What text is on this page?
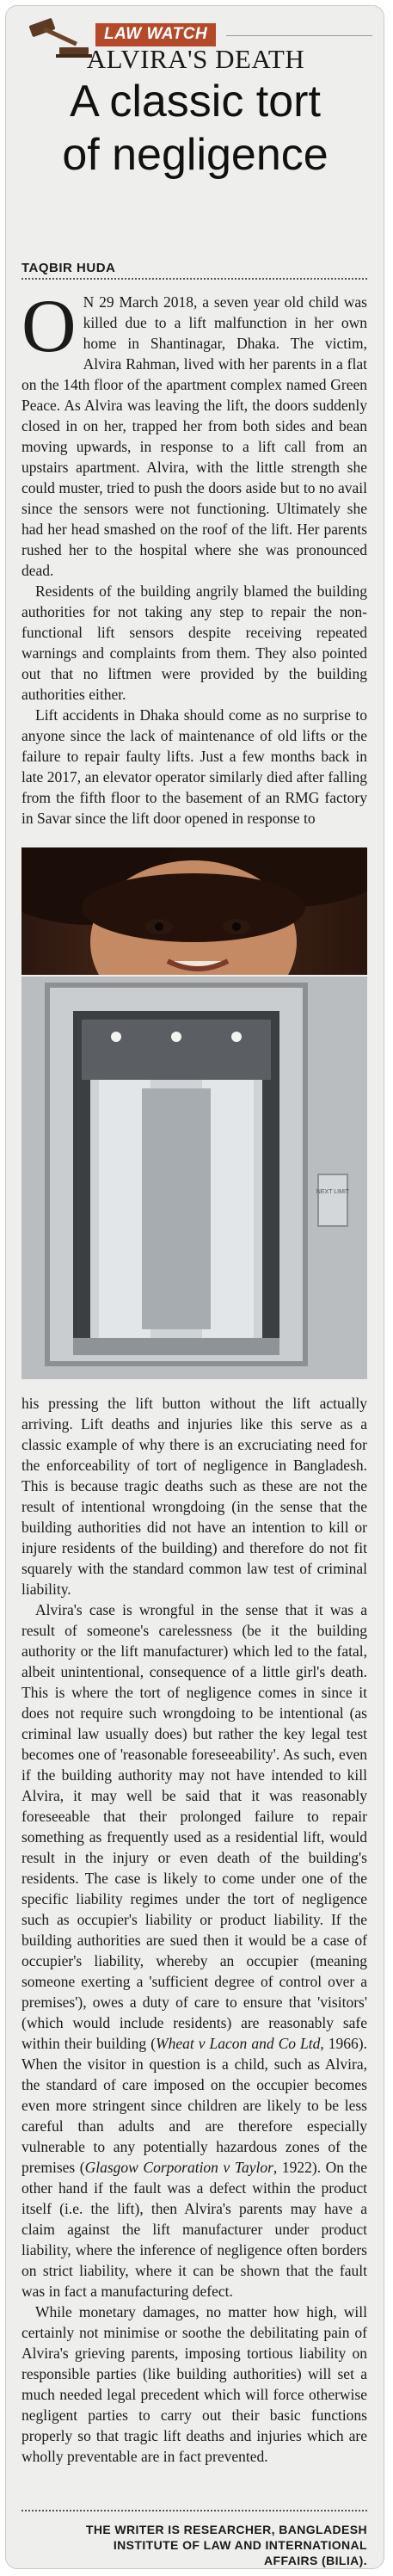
LAW WATCH
ALVIRA'S DEATH
A classic tort
of negligence
TAQBIR HUDA

O N 29 March 2018, a seven year old child was killed due to a lift malfunction in her own home in Shantinagar, Dhaka. The victim, Alvira Rahman, lived with her parents in a flat on the 14th floor of the apartment complex named Green Peace. As Alvira was leaving the lift, the doors suddenly closed in on her, trapped her from both sides and bean moving upwards, in response to a lift call from an upstairs apartment. Alvira, with the little strength she could muster, tried to push the doors aside but to no avail since the sensors were not functioning. Ultimately she had her head smashed on the roof of the lift. Her parents rushed her to the hospital where she was pronounced dead.

Residents of the building angrily blamed the building authorities for not taking any step to repair the non-functional lift sensors despite receiving repeated warnings and complaints from them. They also pointed out that no liftmen were provided by the building authorities either.

Lift accidents in Dhaka should come as no surprise to anyone since the lack of maintenance of old lifts or the failure to repair faulty lifts. Just a few months back in late 2017, an elevator operator similarly died after falling from the fifth floor to the basement of an RMG factory in Savar since the lift door opened in response to

NEXT LIMIT

his pressing the lift button without the lift actually arriving. Lift deaths and injuries like this serve as a classic example of why there is an excruciating need for the enforceability of tort of negligence in Bangladesh. This is because tragic deaths such as these are not the result of intentional wrongdoing (in the sense that the building authorities did not have an intention to kill or injure residents of the building) and therefore do not fit squarely with the standard common law test of criminal liability.

Alvira's case is wrongful in the sense that it was a result of someone's carelessness (be it the building authority or the lift manufacturer) which led to the fatal, albeit unintentional, consequence of a little girl's death. This is where the tort of negligence comes in since it does not require such wrongdoing to be intentional (as criminal law usually does) but rather the key legal test becomes one of 'reasonable foreseeability'. As such, even if the building authority may not have intended to kill Alvira, it may well be said that it was reasonably foreseeable that their prolonged failure to repair something as frequently used as a residential lift, would result in the injury or even death of the building's residents. The case is likely to come under one of the specific liability regimes under the tort of negligence such as occupier's liability or product liability. If the building authorities are sued then it would be a case of occupier's liability, whereby an occupier (meaning someone exerting a 'sufficient degree of control over a premises'), owes a duty of care to ensure that 'visitors' (which would include residents) are reasonably safe within their building (Wheat v Lacon and Co Ltd, 1966). When the visitor in question is a child, such as Alvira, the standard of care imposed on the occupier becomes even more stringent since children are likely to be less careful than adults and are therefore especially vulnerable to any potentially hazardous zones of the premises (Glasgow Corporation v Taylor, 1922). On the other hand if the fault was a defect within the product itself (i.e. the lift), then Alvira's parents may have a claim against the lift manufacturer under product liability, where the inference of negligence often borders on strict liability, where it can be shown that the fault was in fact a manufacturing defect.

While monetary damages, no matter how high, will certainly not minimise or soothe the debilitating pain of Alvira's grieving parents, imposing tortious liability on responsible parties (like building authorities) will set a much needed legal precedent which will force otherwise negligent parties to carry out their basic functions properly so that tragic lift deaths and injuries which are wholly preventable are in fact prevented.

THE WRITER IS RESEARCHER, BANGLADESH
INSTITUTE OF LAW AND INTERNATIONAL
AFFAIRS (BILIA).
